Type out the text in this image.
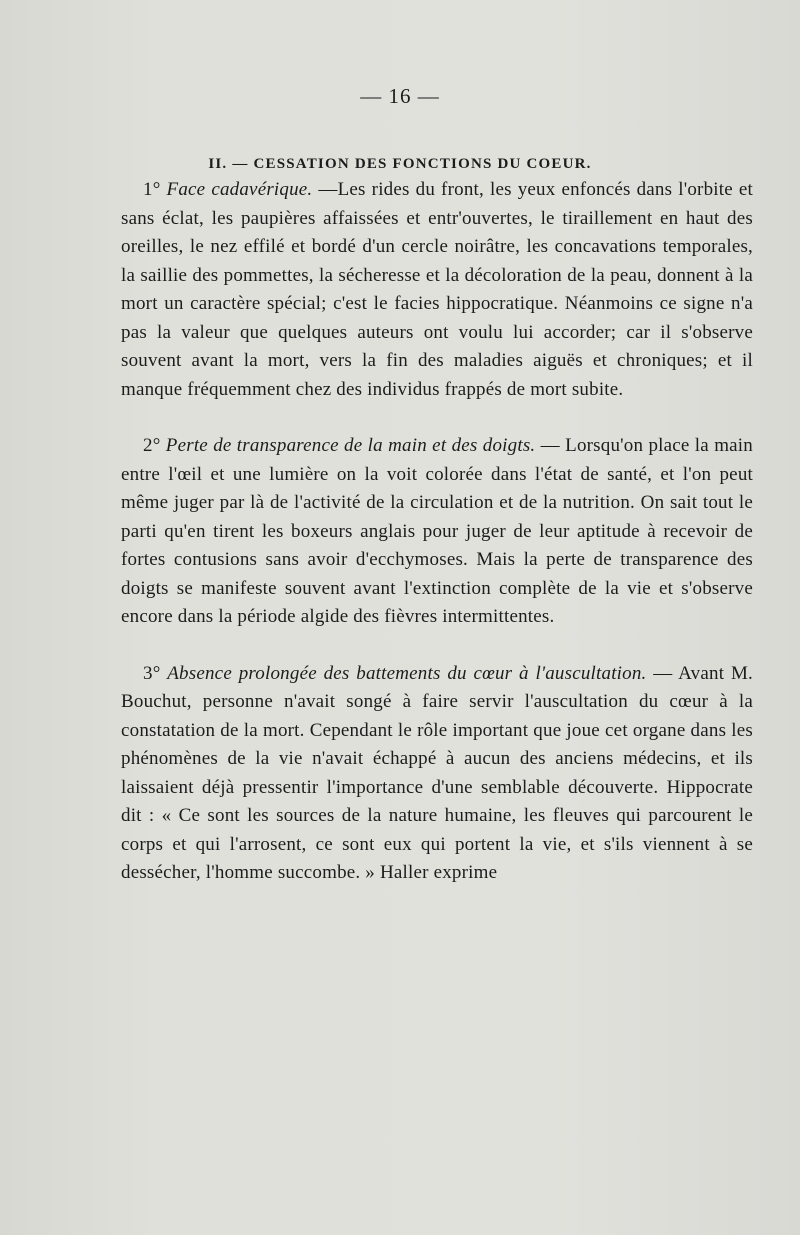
— 16 —
II. — CESSATION DES FONCTIONS DU COEUR.

1° Face cadavérique. —Les rides du front, les yeux enfoncés dans l'orbite et sans éclat, les paupières affaissées et entr'ouvertes, le tiraillement en haut des oreilles, le nez effilé et bordé d'un cercle noirâtre, les concavations temporales, la saillie des pommettes, la sécheresse et la décoloration de la peau, donnent à la mort un caractère spécial; c'est le facies hippocratique. Néanmoins ce signe n'a pas la valeur que quelques auteurs ont voulu lui accorder; car il s'observe souvent avant la mort, vers la fin des maladies aiguës et chroniques; et il manque fréquemment chez des individus frappés de mort subite.

2° Perte de transparence de la main et des doigts. — Lorsqu'on place la main entre l'œil et une lumière on la voit colorée dans l'état de santé, et l'on peut même juger par là de l'activité de la circulation et de la nutrition. On sait tout le parti qu'en tirent les boxeurs anglais pour juger de leur aptitude à recevoir de fortes contusions sans avoir d'ecchymoses. Mais la perte de transparence des doigts se manifeste souvent avant l'extinction complète de la vie et s'observe encore dans la période algide des fièvres intermittentes.

3° Absence prolongée des battements du cœur à l'auscultation. — Avant M. Bouchut, personne n'avait songé à faire servir l'auscultation du cœur à la constatation de la mort. Cependant le rôle important que joue cet organe dans les phénomènes de la vie n'avait échappé à aucun des anciens médecins, et ils laissaient déjà pressentir l'importance d'une semblable découverte. Hippocrate dit : « Ce sont les sources de la nature humaine, les fleuves qui parcourent le corps et qui l'arrosent, ce sont eux qui portent la vie, et s'ils viennent à se dessécher, l'homme succombe. » Haller exprime
